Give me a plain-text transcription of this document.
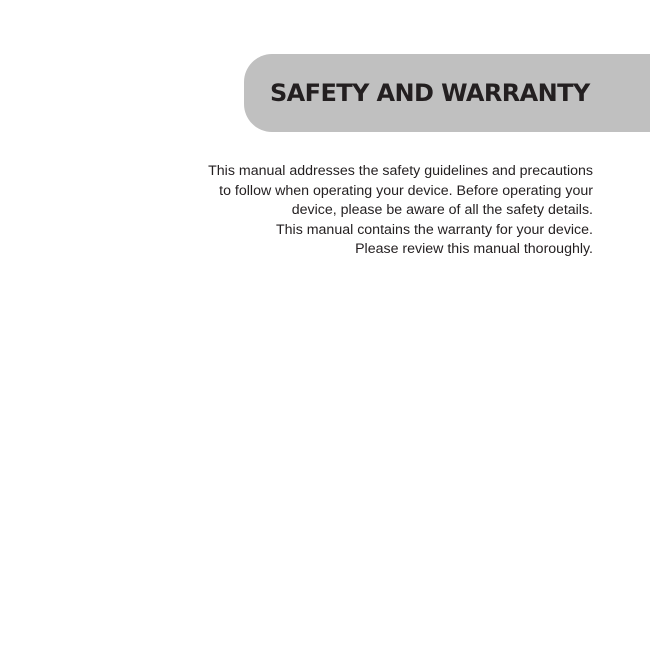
SAFETY AND WARRANTY
This manual addresses the safety guidelines and precautions
to follow when operating your device. Before operating your
device, please be aware of all the safety details.
This manual contains the warranty for your device.
Please review this manual thoroughly.
